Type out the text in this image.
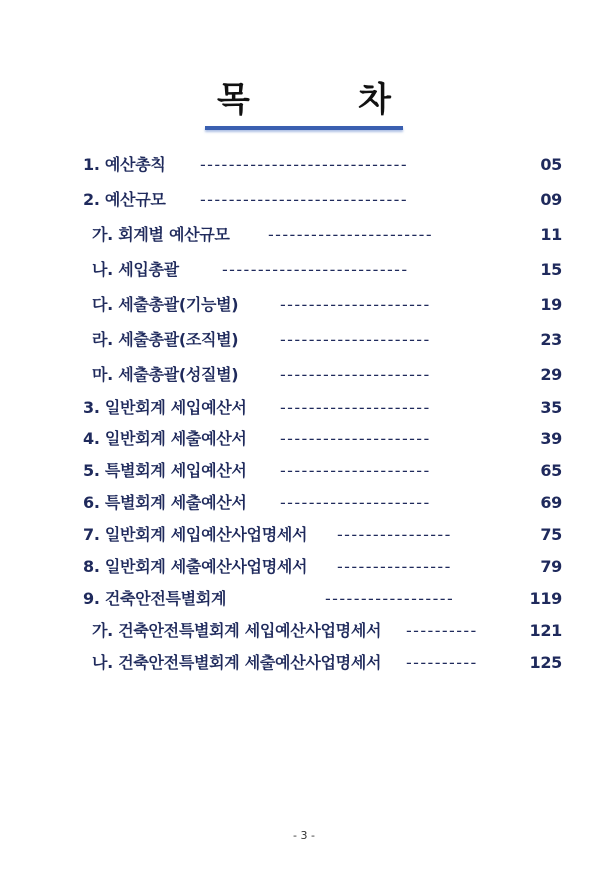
목	차
1. 예산총칙 -----------------------------	05
2. 예산규모 -----------------------------	09
가. 회계별 예산규모 -----------------------	11
나. 세입총괄	--------------------------	15
다. 세출총괄(기능별)	---------------------	19
라. 세출총괄(조직별)	---------------------	23
마. 세출총괄(성질별)	---------------------	29
3. 일반회계 세입예산서 ---------------------	35
4. 일반회계 세출예산서 ---------------------	39
5. 특별회계 세입예산서 ---------------------	65
6. 특별회계 세출예산서 ---------------------	69
7. 일반회계 세입예산사업명세서 ----------------	75
8. 일반회계 세출예산사업명세서 ----------------	79
9. 건축안전특별회계	------------------	119
가. 건축안전특별회계 세입예산사업명세서 ----------	121
나. 건축안전특별회계 세출예산사업명세서 ----------	125
- 3 -
